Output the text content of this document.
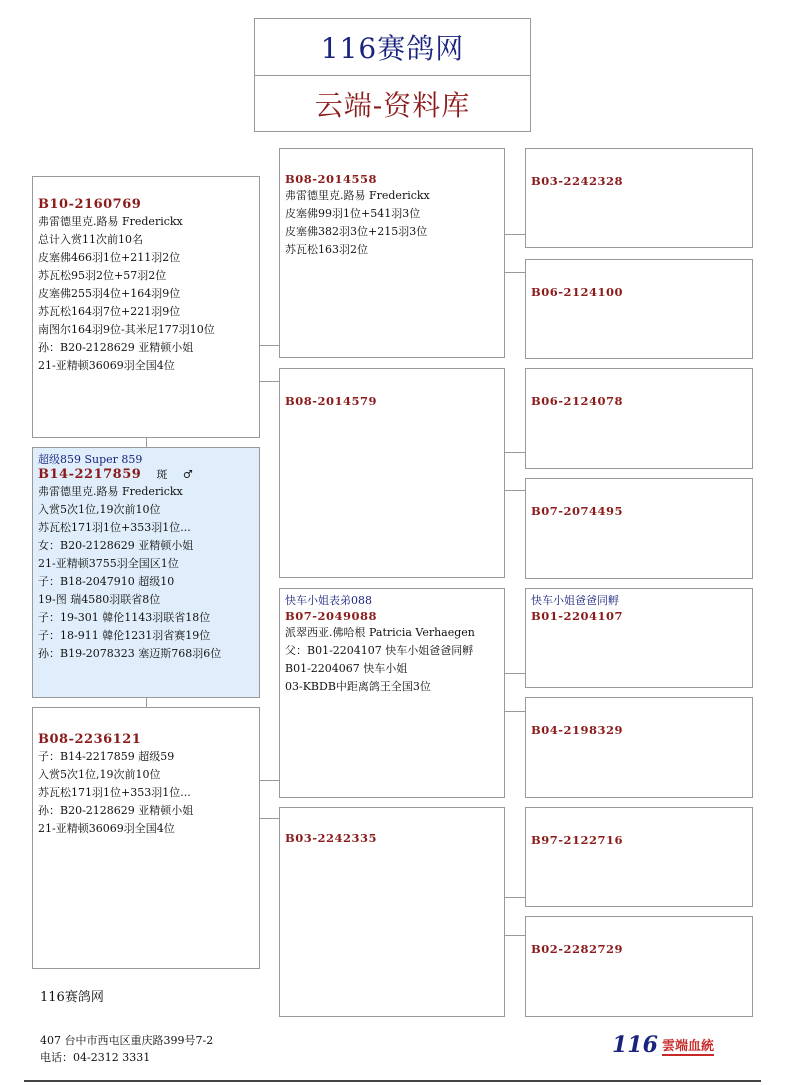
116赛鸽网
云端-资料库
B10-2160769
弗雷德里克.路易 Frederickx
总计入赏11次前10名
皮塞佛466羽1位+211羽2位
苏瓦松95羽2位+57羽2位
皮塞佛255羽4位+164羽9位
苏瓦松164羽7位+221羽9位
南图尔164羽9位-其米尼177羽10位
孙：B20-2128629 亚精顿小姐
21-亚精顿36069羽全国4位
超级859 Super 859
B14-2217859 斑 ♂
弗雷德里克.路易 Frederickx
入赏5次1位,19次前10位
苏瓦松171羽1位+353羽1位...
女：B20-2128629 亚精顿小姐
21-亚精顿3755羽全国区1位
子：B18-2047910 超级10
19-图 瑞4580羽联省8位
子：19-301 韓伦1143羽联省18位
子：18-911 韓伦1231羽省赛19位
孙：B19-2078323 塞迈斯768羽6位
B08-2236121
子：B14-2217859 超级59
入赏5次1位,19次前10位
苏瓦松171羽1位+353羽1位...
孙：B20-2128629 亚精顿小姐
21-亚精顿36069羽全国4位
B08-2014558
弗雷德里克.路易 Frederickx
皮塞佛99羽1位+541羽3位
皮塞佛382羽3位+215羽3位
苏瓦松163羽2位
B08-2014579
快车小姐表弟088
B07-2049088
派翠西亚.佛哈根 Patricia Verhaegen
父：B01-2204107 快车小姐爸爸同孵
B01-2204067 快车小姐
03-KBDB中距离鸽王全国3位
B03-2242335
B03-2242328
B06-2124100
B06-2124078
B07-2074495
快车小姐爸爸同孵
B01-2204107
B04-2198329
B97-2122716
B02-2282729
116赛鸽网
407 台中市西屯区重庆路399号7-2
电话：04-2312 3331	116 雲端血統
